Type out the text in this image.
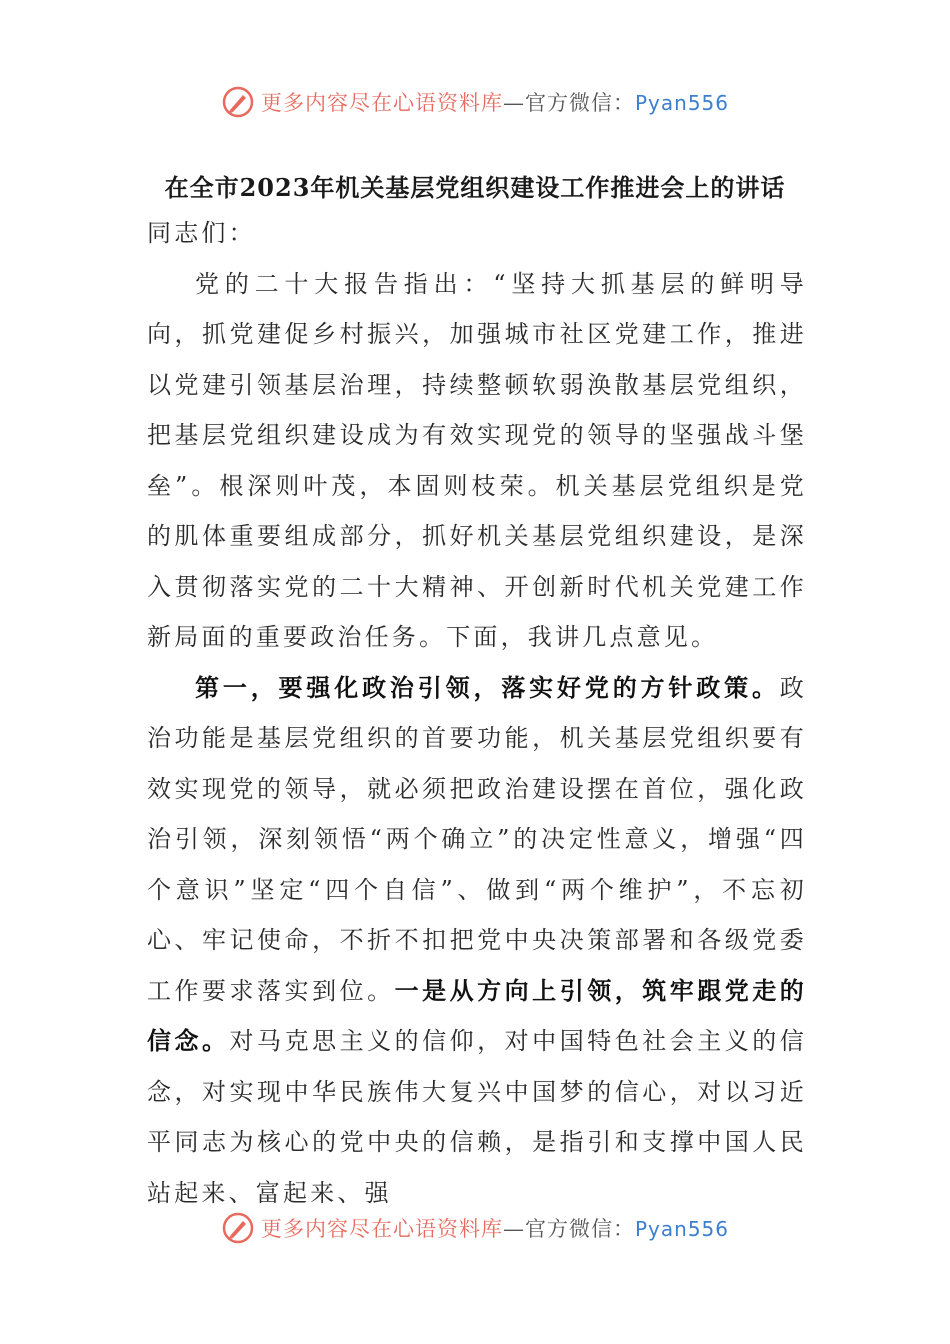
更多内容尽在心语资料库—官方微信：Pyan556
在全市2023年机关基层党组织建设工作推进会上的讲话

同志们：

党的二十大报告指出：“坚持大抓基层的鲜明导向，抓党建促乡村振兴，加强城市社区党建工作，推进以党建引领基层治理，持续整顿软弱涣散基层党组织，把基层党组织建设成为有效实现党的领导的坚强战斗堡垒”。根深则叶茂，本固则枝荣。机关基层党组织是党的肌体重要组成部分，抓好机关基层党组织建设，是深入贯彻落实党的二十大精神、开创新时代机关党建工作新局面的重要政治任务。下面，我讲几点意见。

第一，要强化政治引领，落实好党的方针政策。政治功能是基层党组织的首要功能，机关基层党组织要有效实现党的领导，就必须把政治建设摆在首位，强化政治引领，深刻领悟“两个确立”的决定性意义，增强“四个意识”坚定“四个自信”、做到“两个维护”，不忘初心、牢记使命，不折不扣把党中央决策部署和各级党委工作要求落实到位。一是从方向上引领，筑牢跟党走的信念。对马克思主义的信仰，对中国特色社会主义的信念，对实现中华民族伟大复兴中国梦的信心，对以习近平同志为核心的党中央的信赖，是指引和支撑中国人民站起来、富起来、强

更多内容尽在心语资料库—官方微信：Pyan556
